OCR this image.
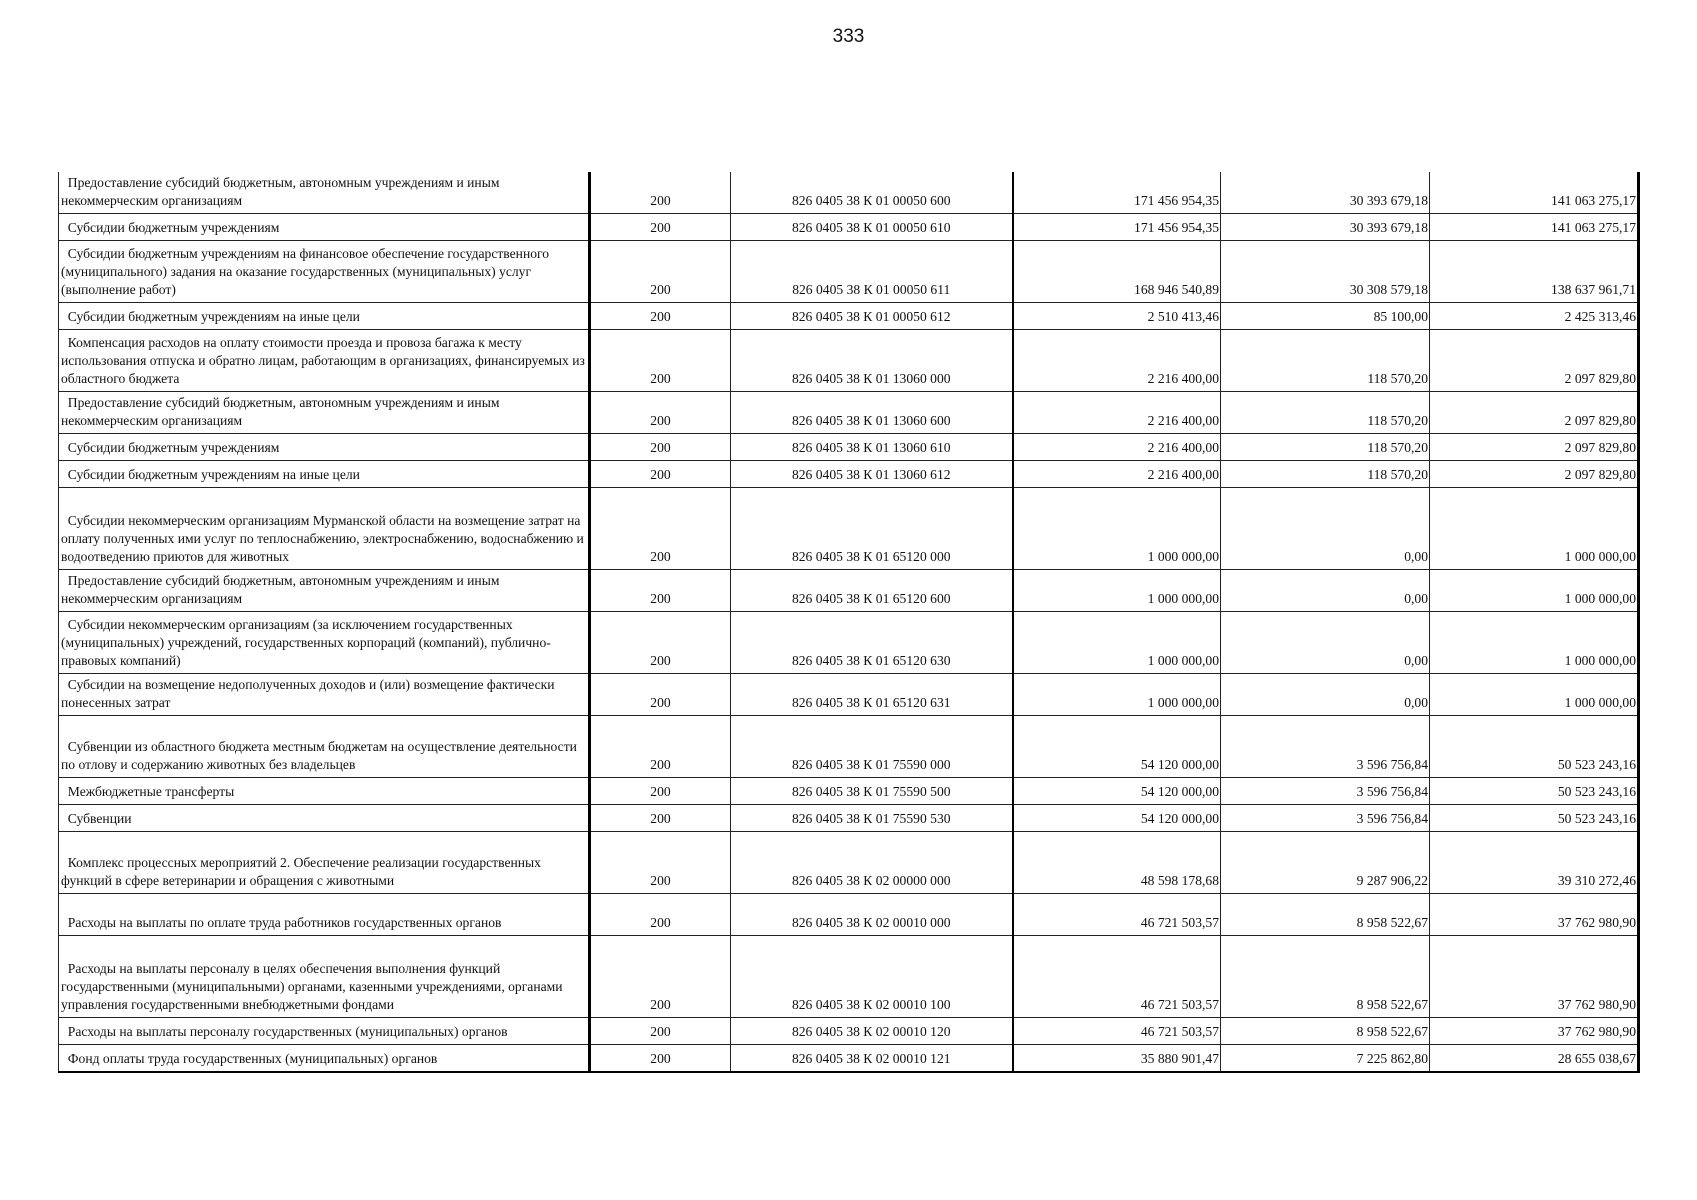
333
Предоставление субсидий бюджетным, автономным учреждениям и иным некоммерческим организациям	200	826 0405 38 К 01 00050 600	171 456 954,35	30 393 679,18	141 063 275,17
Субсидии бюджетным учреждениям	200	826 0405 38 К 01 00050 610	171 456 954,35	30 393 679,18	141 063 275,17
Субсидии бюджетным учреждениям на финансовое обеспечение государственного (муниципального) задания на оказание государственных (муниципальных) услуг (выполнение работ)	200	826 0405 38 К 01 00050 611	168 946 540,89	30 308 579,18	138 637 961,71
Субсидии бюджетным учреждениям на иные цели	200	826 0405 38 К 01 00050 612	2 510 413,46	85 100,00	2 425 313,46
Компенсация расходов на оплату стоимости проезда и провоза багажа к месту использования отпуска и обратно лицам, работающим в организациях, финансируемых из областного бюджета	200	826 0405 38 К 01 13060 000	2 216 400,00	118 570,20	2 097 829,80
Предоставление субсидий бюджетным, автономным учреждениям и иным некоммерческим организациям	200	826 0405 38 К 01 13060 600	2 216 400,00	118 570,20	2 097 829,80
Субсидии бюджетным учреждениям	200	826 0405 38 К 01 13060 610	2 216 400,00	118 570,20	2 097 829,80
Субсидии бюджетным учреждениям на иные цели	200	826 0405 38 К 01 13060 612	2 216 400,00	118 570,20	2 097 829,80
Субсидии некоммерческим организациям Мурманской области на возмещение затрат на оплату полученных ими услуг по теплоснабжению, электроснабжению, водоснабжению и водоотведению приютов для животных	200	826 0405 38 К 01 65120 000	1 000 000,00	0,00	1 000 000,00
Предоставление субсидий бюджетным, автономным учреждениям и иным некоммерческим организациям	200	826 0405 38 К 01 65120 600	1 000 000,00	0,00	1 000 000,00
Субсидии некоммерческим организациям (за исключением государственных (муниципальных) учреждений, государственных корпораций (компаний), публично-правовых компаний)	200	826 0405 38 К 01 65120 630	1 000 000,00	0,00	1 000 000,00
Субсидии на возмещение недополученных доходов и (или) возмещение фактически понесенных затрат	200	826 0405 38 К 01 65120 631	1 000 000,00	0,00	1 000 000,00
Субвенции из областного бюджета местным бюджетам на осуществление деятельности по отлову и содержанию животных без владельцев	200	826 0405 38 К 01 75590 000	54 120 000,00	3 596 756,84	50 523 243,16
Межбюджетные трансферты	200	826 0405 38 К 01 75590 500	54 120 000,00	3 596 756,84	50 523 243,16
Субвенции	200	826 0405 38 К 01 75590 530	54 120 000,00	3 596 756,84	50 523 243,16
Комплекс процессных мероприятий 2. Обеспечение реализации государственных функций в сфере ветеринарии и обращения с животными	200	826 0405 38 К 02 00000 000	48 598 178,68	9 287 906,22	39 310 272,46
Расходы на выплаты по оплате труда работников государственных органов	200	826 0405 38 К 02 00010 000	46 721 503,57	8 958 522,67	37 762 980,90
Расходы на выплаты персоналу в целях обеспечения выполнения функций государственными (муниципальными) органами, казенными учреждениями, органами управления государственными внебюджетными фондами	200	826 0405 38 К 02 00010 100	46 721 503,57	8 958 522,67	37 762 980,90
Расходы на выплаты персоналу государственных (муниципальных) органов	200	826 0405 38 К 02 00010 120	46 721 503,57	8 958 522,67	37 762 980,90
Фонд оплаты труда государственных (муниципальных) органов	200	826 0405 38 К 02 00010 121	35 880 901,47	7 225 862,80	28 655 038,67
